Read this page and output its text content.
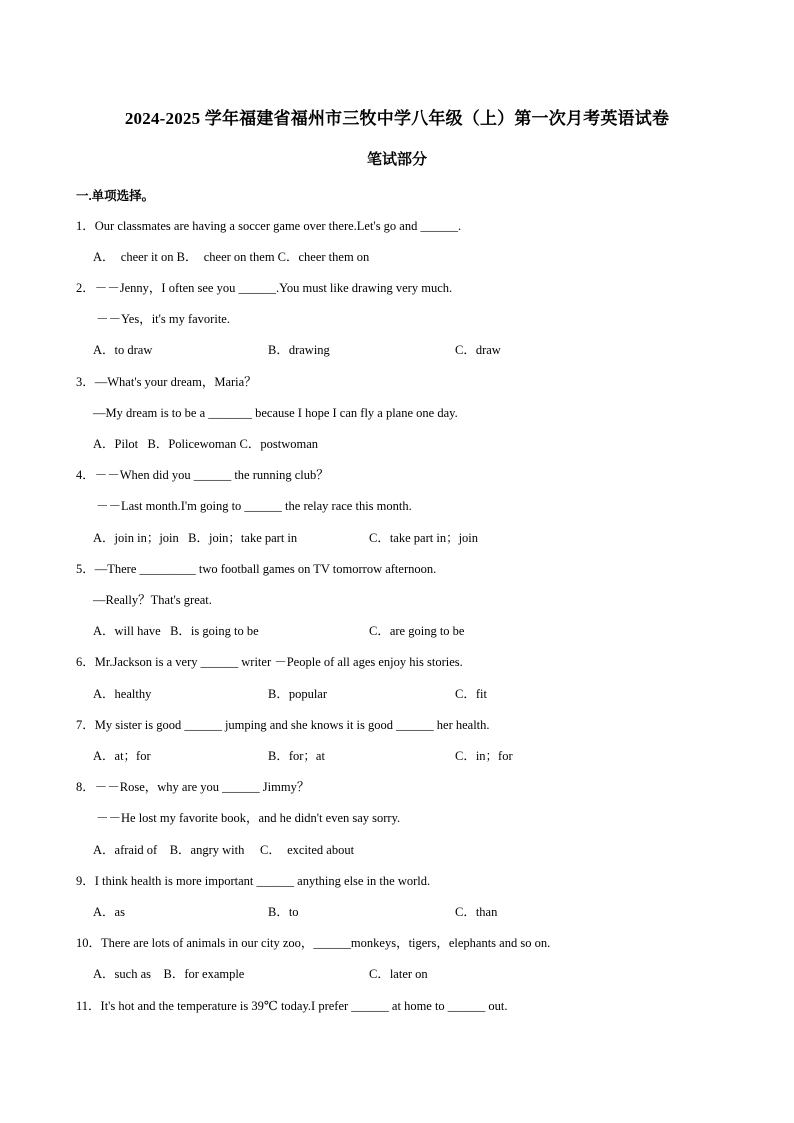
2024-2025 学年福建省福州市三牧中学八年级（上）第一次月考英语试卷
笔试部分
一.单项选择。
1．Our classmates are having a soccer game over there.Let's go and ______.
A．  cheer it on B．  cheer on them C．cheer them on
2．－－Jenny，I often see you ______.You must like drawing very much.
－－Yes，it's my favorite.
A．to draw	B．drawing	C．draw
3．—What's your dream，Maria？
—My dream is to be a _______ because I hope I can fly a plane one day.
A．Pilot   B．Policewoman C．postwoman
4．－－When did you ______ the running club？
－－Last month.I'm going to ______ the relay race this month.
A．join in；join   B．join；take part in	C．take part in；join
5．—There _________ two football games on TV tomorrow afternoon.
—Really？That's great.
A．will have   B．is going to be	C．are going to be
6．Mr.Jackson is a very ______ writer －People of all ages enjoy his stories.
A．healthy	B．popular	C．fit
7．My sister is good ______ jumping and she knows it is good ______ her health.
A．at；for	B．for；at	C．in；for
8．－－Rose，why are you ______ Jimmy？
－－He lost my favorite book，and he didn't even say sorry.
A．afraid of    B．angry with     C．  excited about
9．I think health is more important ______ anything else in the world.
A．as	B．to	C．than
10．There are lots of animals in our city zoo，______monkeys，tigers，elephants and so on.
A．such as    B．for example	C．later on
11．It's hot and the temperature is 39℃ today.I prefer ______ at home to ______ out.
